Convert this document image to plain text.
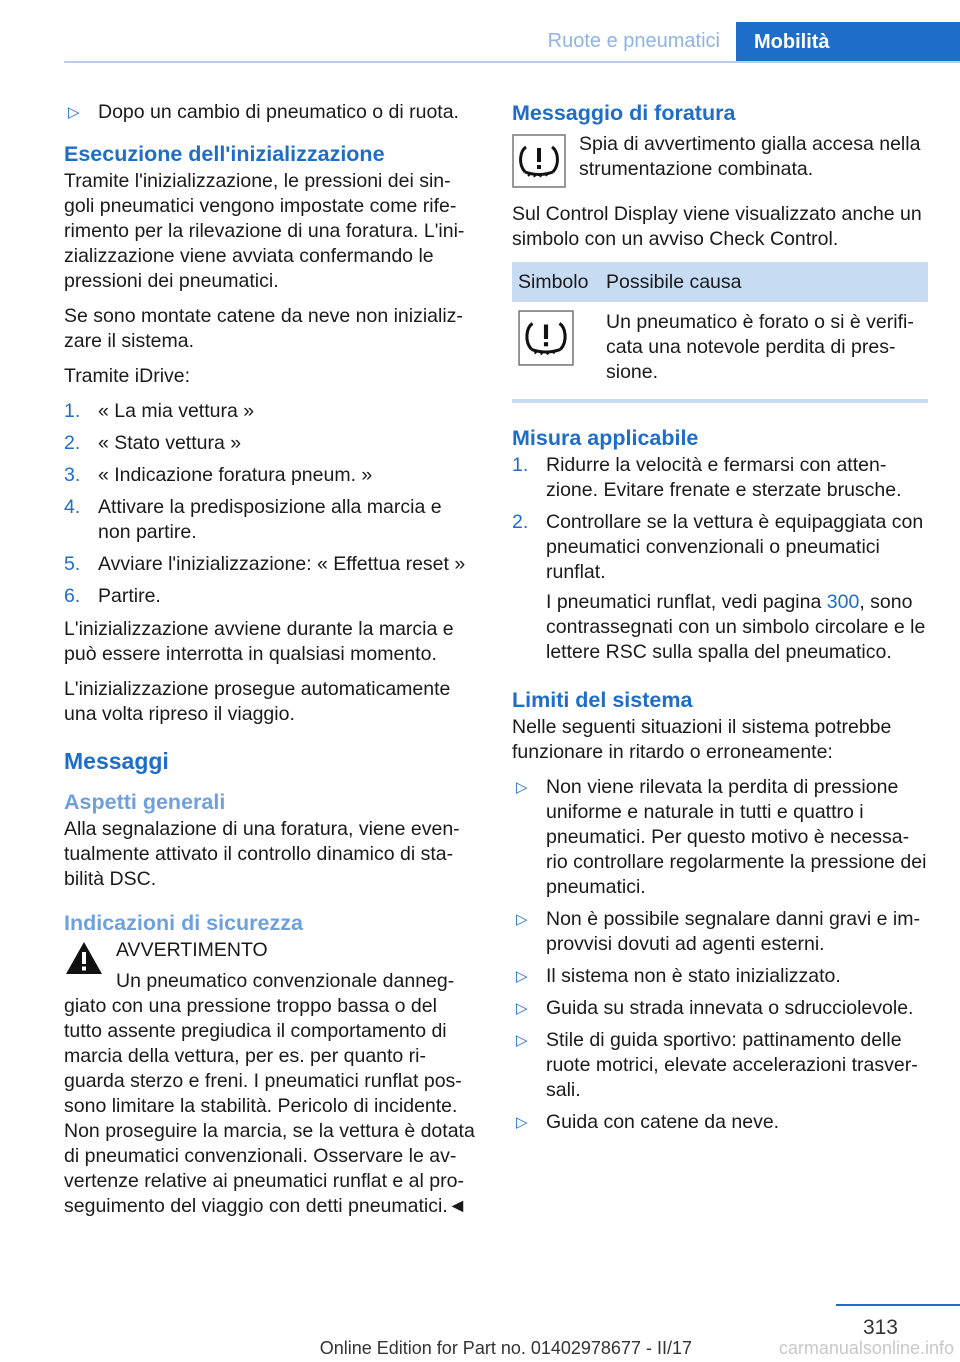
Ruote e pneumatici	Mobilità
▷ Dopo un cambio di pneumatico o di ruota.
Esecuzione dell'inizializzazione

Tramite l'inizializzazione, le pressioni dei sin-goli pneumatici vengono impostate come rife-rimento per la rilevazione di una foratura. L'ini-zializzazione viene avviata confermando le pressioni dei pneumatici.

Se sono montate catene da neve non inizializ-zare il sistema.

Tramite iDrive:

1. « La mia vettura »
2. « Stato vettura »
3. « Indicazione foratura pneum. »
4. Attivare la predisposizione alla marcia e non partire.
5. Avviare l'inizializzazione: « Effettua reset »
6. Partire.

L'inizializzazione avviene durante la marcia e può essere interrotta in qualsiasi momento.

L'inizializzazione prosegue automaticamente una volta ripreso il viaggio.

Messaggi
Aspetti generali

Alla segnalazione di una foratura, viene even-tualmente attivato il controllo dinamico di sta-bilità DSC.

Indicazioni di sicurezza
AVVERTIMENTO
Un pneumatico convenzionale danneg-
giato con una pressione troppo bassa o del tutto assente pregiudica il comportamento di marcia della vettura, per es. per quanto ri-guarda sterzo e freni. I pneumatici runflat pos-sono limitare la stabilità. Pericolo di incidente. Non proseguire la marcia, se la vettura è dotata di pneumatici convenzionali. Osservare le av-vertenze relative ai pneumatici runflat e al pro-seguimento del viaggio con detti pneumatici.◄
Messaggio di foratura
Spia di avvertimento gialla accesa nella strumentazione combinata.

Sul Control Display viene visualizzato anche un simbolo con un avviso Check Control.

Simbolo	Possibile causa
	Un pneumatico è forato o si è verifi-cata una notevole perdita di pres-sione.
Misura applicabile
1. Ridurre la velocità e fermarsi con atten-zione. Evitare frenate e sterzate brusche.
2. Controllare se la vettura è equipaggiata con pneumatici convenzionali o pneumatici runflat.
I pneumatici runflat, vedi pagina 300, sono contrassegnati con un simbolo circolare e le lettere RSC sulla spalla del pneumatico.
Limiti del sistema

Nelle seguenti situazioni il sistema potrebbe funzionare in ritardo o erroneamente:

▷ Non viene rilevata la perdita di pressione uniforme e naturale in tutti e quattro i pneumatici. Per questo motivo è necessa-rio controllare regolarmente la pressione dei pneumatici.
▷ Non è possibile segnalare danni gravi e im-provvisi dovuti ad agenti esterni.
▷ Il sistema non è stato inizializzato.
▷ Guida su strada innevata o sdrucciolevole.
▷ Stile di guida sportivo: pattinamento delle ruote motrici, elevate accelerazioni trasver-sali.
▷ Guida con catene da neve.
313
Online Edition for Part no. 01402978677 - II/17	carmanualsonline.info
